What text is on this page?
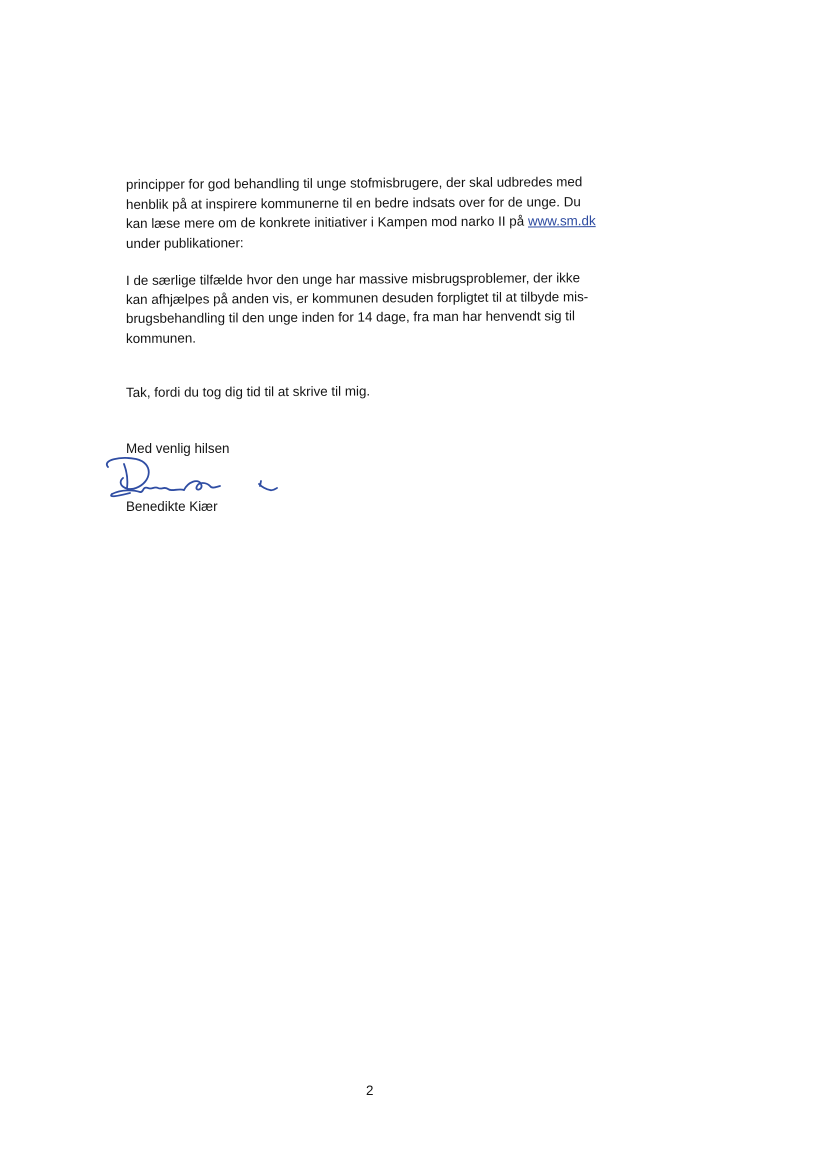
principper for god behandling til unge stofmisbrugere, der skal udbredes med
henblik på at inspirere kommunerne til en bedre indsats over for de unge. Du
kan læse mere om de konkrete initiativer i Kampen mod narko II på www.sm.dk
under publikationer:
I de særlige tilfælde hvor den unge har massive misbrugsproblemer, der ikke
kan afhjælpes på anden vis, er kommunen desuden forpligtet til at tilbyde mis-
brugsbehandling til den unge inden for 14 dage, fra man har henvendt sig til
kommunen.
Tak, fordi du tog dig tid til at skrive til mig.
Med venlig hilsen
Benedikte Kiær
2
